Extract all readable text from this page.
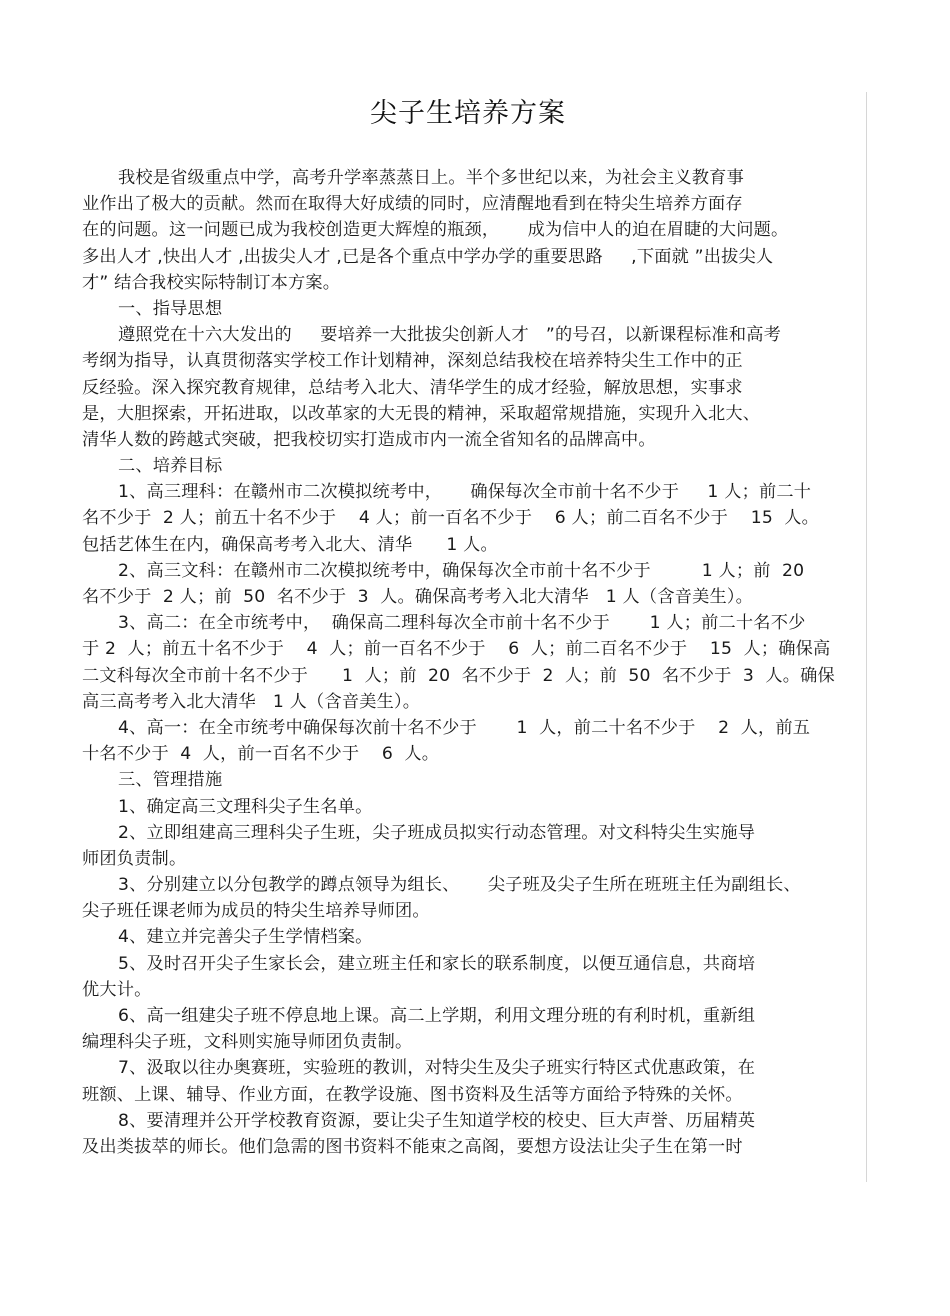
尖子生培养方案
我校是省级重点中学，高考升学率蒸蒸日上。半个多世纪以来，为社会主义教育事
业作出了极大的贡献。然而在取得大好成绩的同时，应清醒地看到在特尖生培养方面存
在的问题。这一问题已成为我校创造更大辉煌的瓶颈，     成为信中人的迫在眉睫的大问题。
多出人才 ,快出人才 ,出拔尖人才 ,已是各个重点中学办学的重要思路     ,下面就 ”出拔尖人
才” 结合我校实际特制订本方案。
一、指导思想
遵照党在十六大发出的     要培养一大批拔尖创新人才   ”的号召，以新课程标准和高考
考纲为指导，认真贯彻落实学校工作计划精神，深刻总结我校在培养特尖生工作中的正
反经验。深入探究教育规律，总结考入北大、清华学生的成才经验，解放思想，实事求
是，大胆探索，开拓进取，以改革家的大无畏的精神，采取超常规措施，实现升入北大、
清华人数的跨越式突破，把我校切实打造成市内一流全省知名的品牌高中。
二、培养目标
1、高三理科：在赣州市二次模拟统考中，     确保每次全市前十名不少于     1 人；前二十
名不少于  2 人；前五十名不少于    4 人；前一百名不少于    6 人；前二百名不少于    15  人。
包括艺体生在内，确保高考考入北大、清华      1 人。
2、高三文科：在赣州市二次模拟统考中，确保每次全市前十名不少于         1 人；前  20
名不少于  2 人；前  50  名不少于  3  人。确保高考考入北大清华   1 人（含音美生）。
3、高二：在全市统考中，  确保高二理科每次全市前十名不少于       1 人；前二十名不少
于 2  人；前五十名不少于    4  人；前一百名不少于    6  人；前二百名不少于    15  人；确保高
二文科每次全市前十名不少于      1  人；前  20  名不少于  2  人；前  50  名不少于  3  人。确保
高三高考考入北大清华   1 人（含音美生）。
4、高一：在全市统考中确保每次前十名不少于       1  人，前二十名不少于    2  人，前五
十名不少于  4  人，前一百名不少于    6  人。
三、管理措施
1、确定高三文理科尖子生名单。
2、立即组建高三理科尖子生班，尖子班成员拟实行动态管理。对文科特尖生实施导
师团负责制。
3、分别建立以分包教学的蹲点领导为组长、     尖子班及尖子生所在班班主任为副组长、
尖子班任课老师为成员的特尖生培养导师团。
4、建立并完善尖子生学情档案。
5、及时召开尖子生家长会，建立班主任和家长的联系制度，以便互通信息，共商培
优大计。
6、高一组建尖子班不停息地上课。高二上学期，利用文理分班的有利时机，重新组
编理科尖子班，文科则实施导师团负责制。
7、汲取以往办奥赛班，实验班的教训，对特尖生及尖子班实行特区式优惠政策，在
班额、上课、辅导、作业方面，在教学设施、图书资料及生活等方面给予特殊的关怀。
8、要清理并公开学校教育资源，要让尖子生知道学校的校史、巨大声誉、历届精英
及出类拔萃的师长。他们急需的图书资料不能束之高阁，要想方设法让尖子生在第一时
